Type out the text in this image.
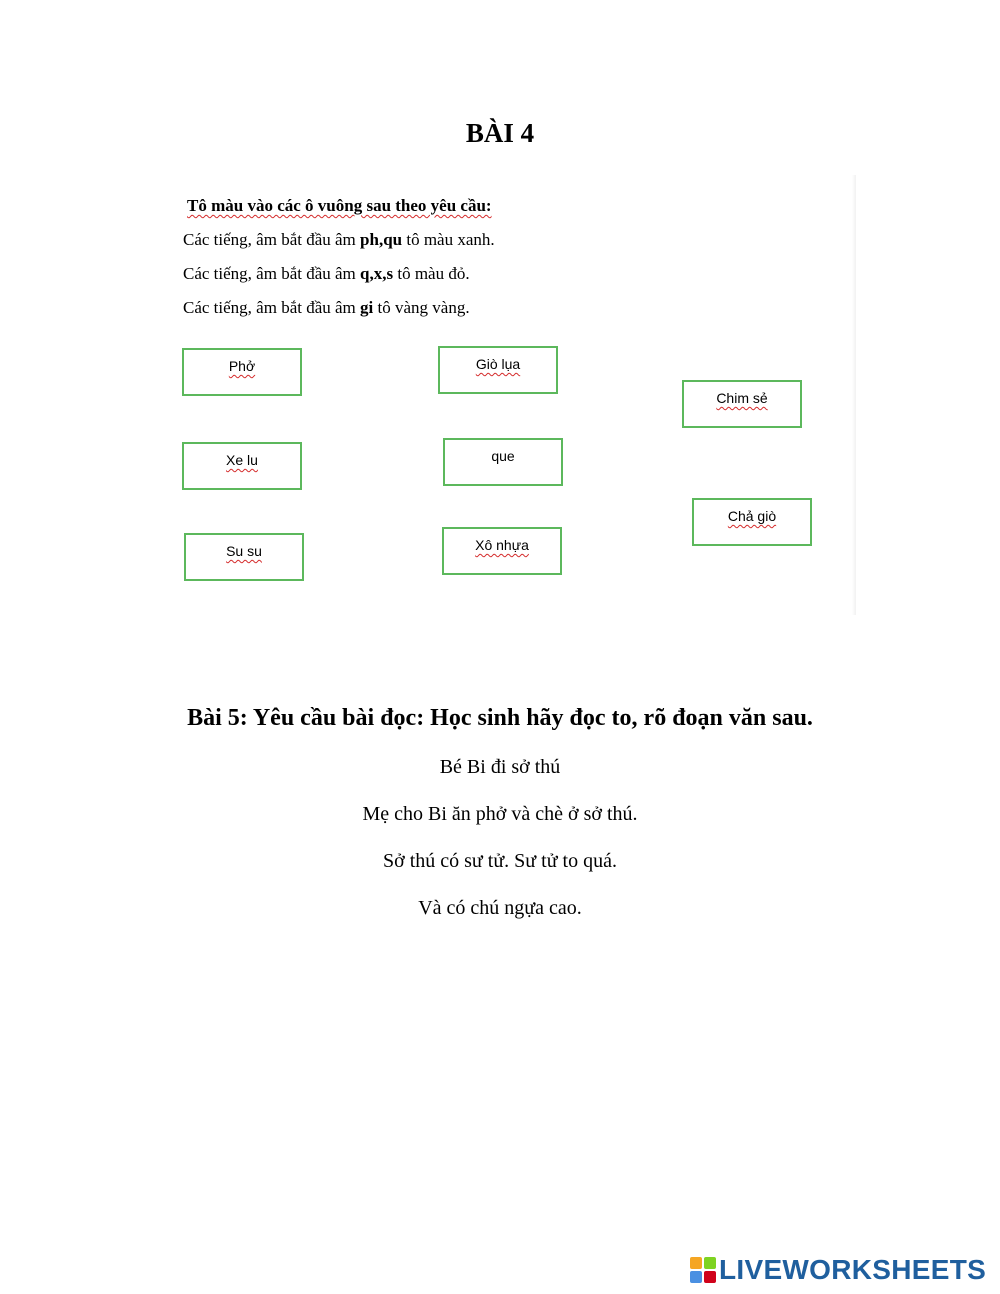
BÀI 4
Tô màu vào các ô vuông sau theo yêu cầu:
Các tiếng, âm bắt đầu âm ph,qu tô màu xanh.
Các tiếng, âm bắt đầu âm q,x,s tô màu đỏ.
Các tiếng, âm bắt đầu âm gi tô vàng vàng.
Phở	Giò lụa
Chim sẻ
Xe lu	que
Chả giò
Su su	Xô nhựa
Bài 5: Yêu cầu bài đọc: Học sinh hãy đọc to, rõ đoạn văn sau.
Bé Bi đi sở thú
Mẹ cho Bi ăn phở và chè ở sở thú.
Sở thú có sư tử. Sư tử to quá.
Và có chú ngựa cao.
LIVEWORKSHEETS
